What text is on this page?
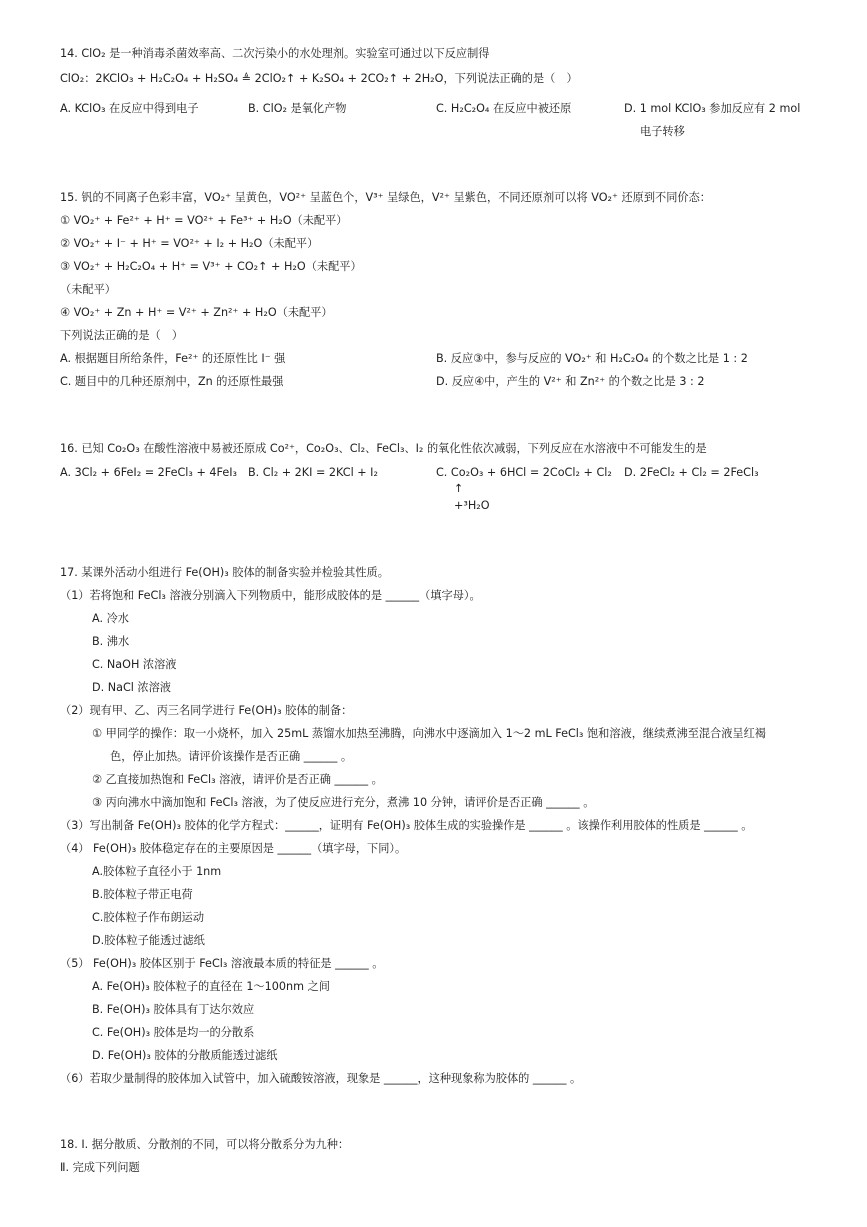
14. ClO₂ 是一种消毒杀菌效率高、二次污染小的水处理剂。实验室可通过以下反应制得
ClO₂：2KClO₃ + H₂C₂O₄ + H₂SO₄ ≜ 2ClO₂↑ + K₂SO₄ + 2CO₂↑ + 2H₂O，下列说法正确的是（　）
A. KClO₃ 在反应中得到电子	B. ClO₂ 是氧化产物	C. H₂C₂O₄ 在反应中被还原	D. 1 mol KClO₃ 参加反应有 2 mol
电子转移
15. 钒的不同离子色彩丰富，VO₂⁺ 呈黄色，VO²⁺ 呈蓝色个，V³⁺ 呈绿色，V²⁺ 呈紫色，不同还原剂可以将 VO₂⁺ 还原到不同价态：
① VO₂⁺ + Fe²⁺ + H⁺ = VO²⁺ + Fe³⁺ + H₂O（未配平）
② VO₂⁺ + I⁻ + H⁺ = VO²⁺ + I₂ + H₂O（未配平）
③ VO₂⁺ + H₂C₂O₄ + H⁺ = V³⁺ + CO₂↑ + H₂O（未配平）
（未配平）
④ VO₂⁺ + Zn + H⁺ = V²⁺ + Zn²⁺ + H₂O（未配平）
下列说法正确的是（　）
A. 根据题目所给条件，Fe²⁺ 的还原性比 I⁻ 强	B. 反应③中，参与反应的 VO₂⁺ 和 H₂C₂O₄ 的个数之比是 1 : 2
C. 题目中的几种还原剂中，Zn 的还原性最强	D. 反应④中，产生的 V²⁺ 和 Zn²⁺ 的个数之比是 3 : 2
16. 已知 Co₂O₃ 在酸性溶液中易被还原成 Co²⁺，Co₂O₃、Cl₂、FeCl₃、I₂ 的氧化性依次减弱，下列反应在水溶液中不可能发生的是
A. 3Cl₂ + 6FeI₂ = 2FeCl₃ + 4FeI₃ B. Cl₂ + 2KI = 2KCl + I₂	C. Co₂O₃ + 6HCl = 2CoCl₂ + Cl₂
↑
+³H₂O
D. 2FeCl₂ + Cl₂ = 2FeCl₃
17. 某课外活动小组进行 Fe(OH)₃ 胶体的制备实验并检验其性质。
（1）若将饱和 FeCl₃ 溶液分别滴入下列物质中，能形成胶体的是 ______（填字母）。
A. 冷水
B. 沸水
C. NaOH 浓溶液
D. NaCl 浓溶液
（2）现有甲、乙、丙三名同学进行 Fe(OH)₃ 胶体的制备：
① 甲同学的操作：取一小烧杯，加入 25mL 蒸馏水加热至沸腾，向沸水中逐滴加入 1～2 mL FeCl₃ 饱和溶液，继续煮沸至混合液呈红褐
色，停止加热。请评价该操作是否正确 ______ 。
② 乙直接加热饱和 FeCl₃ 溶液，请评价是否正确 ______ 。
③ 丙向沸水中滴加饱和 FeCl₃ 溶液，为了使反应进行充分，煮沸 10 分钟，请评价是否正确 ______ 。
（3）写出制备 Fe(OH)₃ 胶体的化学方程式：______，证明有 Fe(OH)₃ 胶体生成的实验操作是 ______ 。该操作利用胶体的性质是 ______ 。
（4） Fe(OH)₃ 胶体稳定存在的主要原因是 ______（填字母，下同）。
A.胶体粒子直径小于 1nm
B.胶体粒子带正电荷
C.胶体粒子作布朗运动
D.胶体粒子能透过滤纸
（5） Fe(OH)₃ 胶体区别于 FeCl₃ 溶液最本质的特征是 ______ 。
A. Fe(OH)₃ 胶体粒子的直径在 1～100nm 之间
B. Fe(OH)₃ 胶体具有丁达尔效应
C. Fe(OH)₃ 胶体是均一的分散系
D. Fe(OH)₃ 胶体的分散质能透过滤纸
（6）若取少量制得的胶体加入试管中，加入硫酸铵溶液，现象是 ______，这种现象称为胶体的 ______ 。
18. Ⅰ. 据分散质、分散剂的不同，可以将分散系分为九种：
Ⅱ. 完成下列问题
